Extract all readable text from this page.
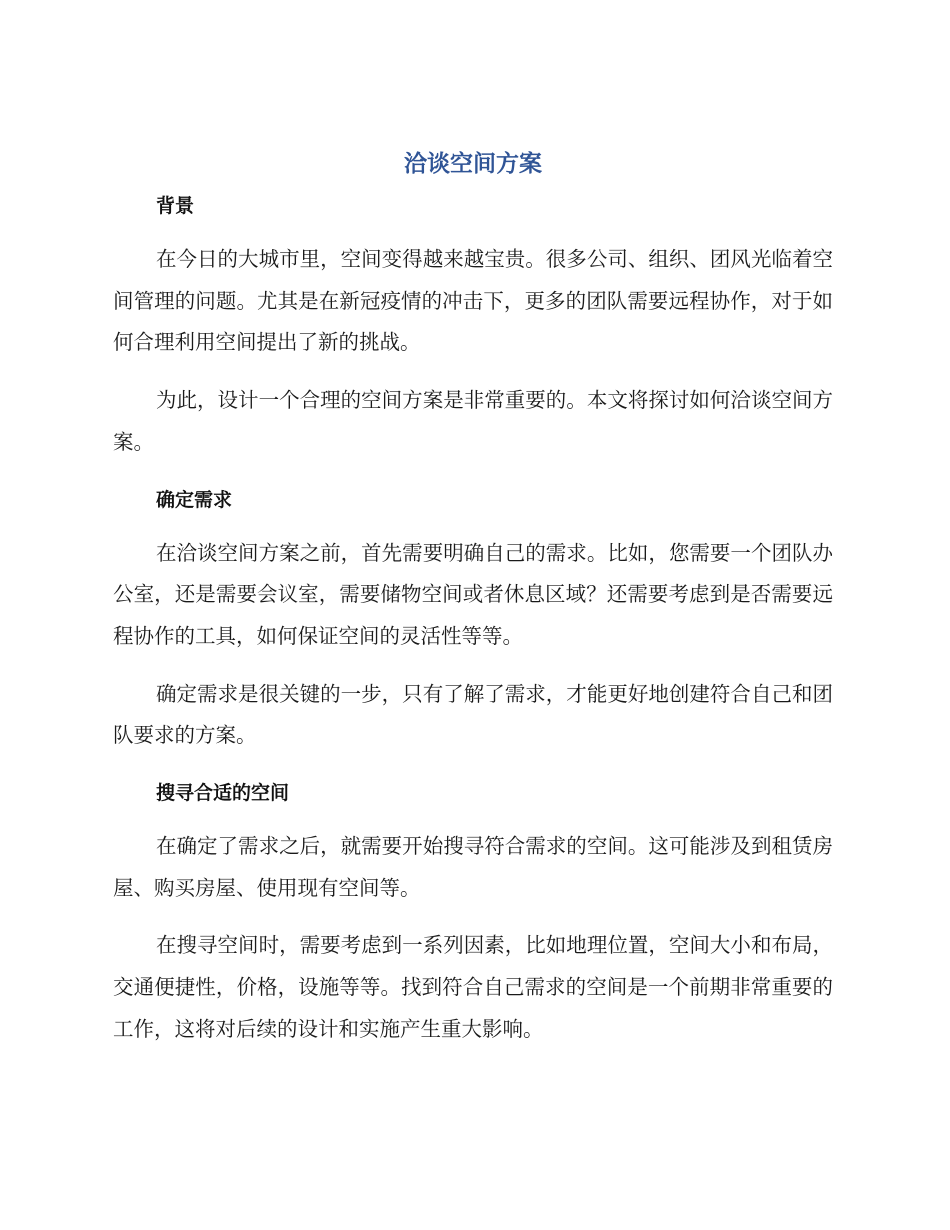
洽谈空间方案
背景

在今日的大城市里，空间变得越来越宝贵。很多公司、组织、团风光临着空间管理的问题。尤其是在新冠疫情的冲击下，更多的团队需要远程协作，对于如何合理利用空间提出了新的挑战。

为此，设计一个合理的空间方案是非常重要的。本文将探讨如何洽谈空间方案。

确定需求

在洽谈空间方案之前，首先需要明确自己的需求。比如，您需要一个团队办公室，还是需要会议室，需要储物空间或者休息区域？还需要考虑到是否需要远程协作的工具，如何保证空间的灵活性等等。

确定需求是很关键的一步，只有了解了需求，才能更好地创建符合自己和团队要求的方案。

搜寻合适的空间

在确定了需求之后，就需要开始搜寻符合需求的空间。这可能涉及到租赁房屋、购买房屋、使用现有空间等。

在搜寻空间时，需要考虑到一系列因素，比如地理位置，空间大小和布局，交通便捷性，价格，设施等等。找到符合自己需求的空间是一个前期非常重要的工作，这将对后续的设计和实施产生重大影响。
